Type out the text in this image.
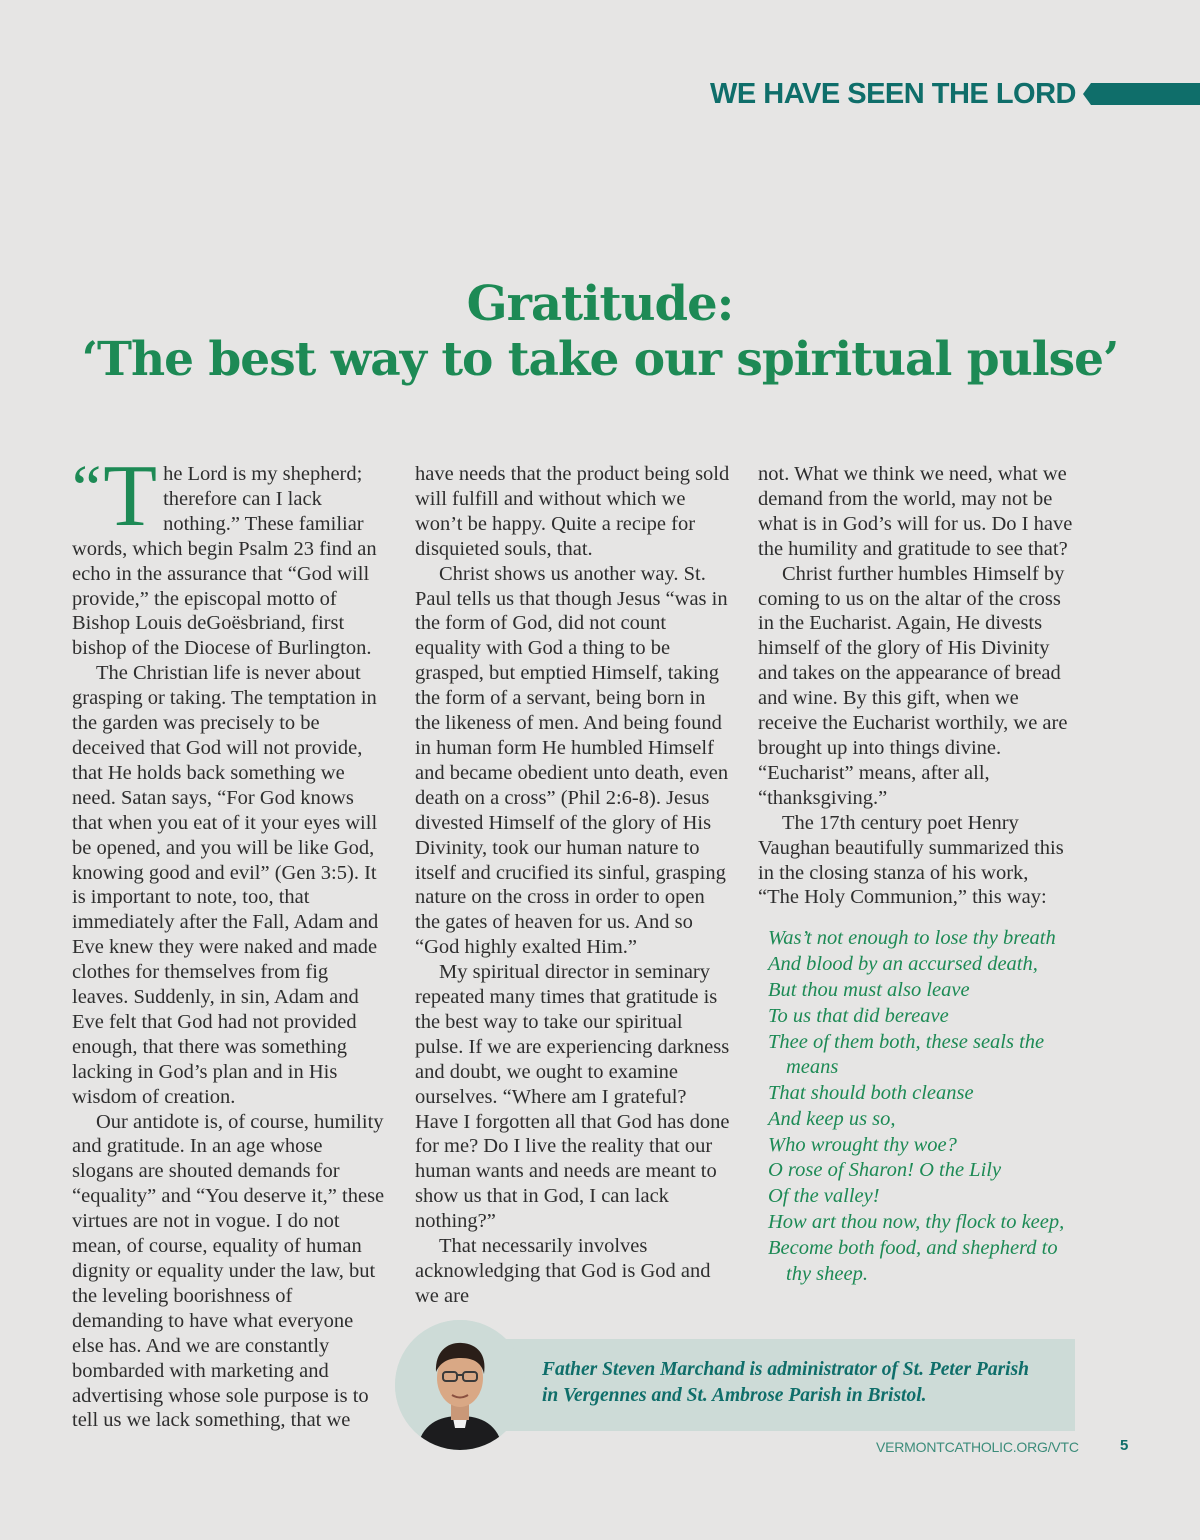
WE HAVE SEEN THE LORD
Gratitude:
‘The best way to take our spiritual pulse’

“ T he Lord is my shepherd; therefore can I lack nothing.” These familiar words, which begin Psalm 23 find an echo in the assurance that “God will provide,” the episcopal motto of Bishop Louis deGoësbriand, first bishop of the Diocese of Burlington.

The Christian life is never about grasping or taking. The temptation in the garden was precisely to be deceived that God will not provide, that He holds back something we need. Satan says, “For God knows that when you eat of it your eyes will be opened, and you will be like God, knowing good and evil” (Gen 3:5). It is important to note, too, that immediately after the Fall, Adam and Eve knew they were naked and made clothes for themselves from fig leaves. Suddenly, in sin, Adam and Eve felt that God had not provided enough, that there was something lacking in God’s plan and in His wisdom of creation.

Our antidote is, of course, humility and gratitude. In an age whose slogans are shouted demands for “equality” and “You deserve it,” these virtues are not in vogue. I do not mean, of course, equality of human dignity or equality under the law, but the leveling boorishness of demanding to have what everyone else has. And we are constantly bombarded with marketing and advertising whose sole purpose is to tell us we lack something, that we

have needs that the product being sold will fulfill and without which we won’t be happy. Quite a recipe for disquieted souls, that.

Christ shows us another way. St. Paul tells us that though Jesus “was in the form of God, did not count equality with God a thing to be grasped, but emptied Himself, taking the form of a servant, being born in the likeness of men. And being found in human form He humbled Himself and became obedient unto death, even death on a cross” (Phil 2:6-8). Jesus divested Himself of the glory of His Divinity, took our human nature to itself and crucified its sinful, grasping nature on the cross in order to open the gates of heaven for us. And so “God highly exalted Him.”

My spiritual director in seminary repeated many times that gratitude is the best way to take our spiritual pulse. If we are experiencing darkness and doubt, we ought to examine ourselves. “Where am I grateful? Have I forgotten all that God has done for me? Do I live the reality that our human wants and needs are meant to show us that in God, I can lack nothing?”

That necessarily involves acknowledging that God is God and we are

not. What we think we need, what we demand from the world, may not be what is in God’s will for us. Do I have the humility and gratitude to see that?

Christ further humbles Himself by coming to us on the altar of the cross in the Eucharist. Again, He divests himself of the glory of His Divinity and takes on the appearance of bread and wine. By this gift, when we receive the Eucharist worthily, we are brought up into things divine. “Eucharist” means, after all, “thanksgiving.”

The 17th century poet Henry Vaughan beautifully summarized this in the closing stanza of his work, “The Holy Communion,” this way:

Was’t not enough to lose thy breath
And blood by an accursed death,
But thou must also leave
To us that did bereave
Thee of them both, these seals the
means
That should both cleanse
And keep us so,
Who wrought thy woe?
O rose of Sharon! O the Lily
Of the valley!
How art thou now, thy flock to keep,
Become both food, and shepherd to
thy sheep.
Father Steven Marchand is administrator of St. Peter Parish
in Vergennes and St. Ambrose Parish in Bristol.
VERMONTCATHOLIC.ORG/VTC	5
